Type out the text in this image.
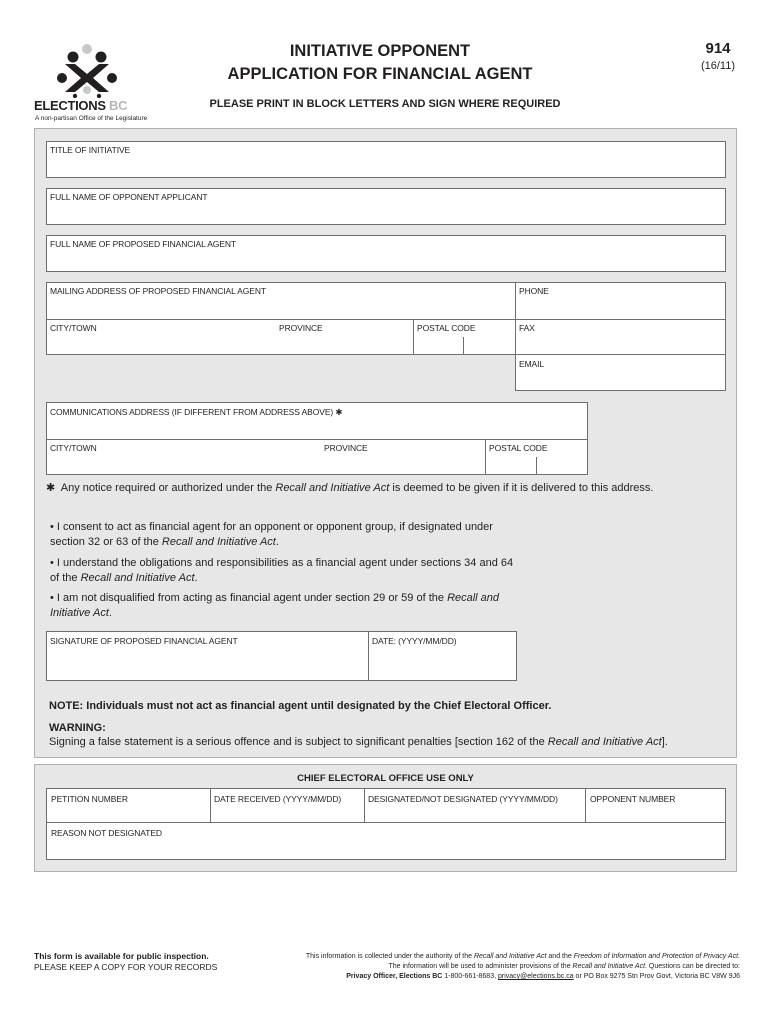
ELECTIONS BC
A non-partisan Office of the Legislature
INITIATIVE OPPONENT
APPLICATION FOR FINANCIAL AGENT
PLEASE PRINT IN BLOCK LETTERS AND SIGN WHERE REQUIRED
914
(16/11)
TITLE OF INITIATIVE
FULL NAME OF OPPONENT APPLICANT
FULL NAME OF PROPOSED FINANCIAL AGENT
MAILING ADDRESS OF PROPOSED FINANCIAL AGENT
CITY/TOWN	PROVINCE	POSTAL CODE
PHONE
FAX
EMAIL
COMMUNICATIONS ADDRESS (IF DIFFERENT FROM ADDRESS ABOVE) ✱
CITY/TOWN	PROVINCE	POSTAL CODE
✱ Any notice required or authorized under the Recall and Initiative Act is deemed to be given if it is delivered to this address.
• I consent to act as financial agent for an opponent or opponent group, if designated under section 32 or 63 of the Recall and Initiative Act.
• I understand the obligations and responsibilities as a financial agent under sections 34 and 64 of the Recall and Initiative Act.
• I am not disqualified from acting as financial agent under section 29 or 59 of the Recall and Initiative Act.
SIGNATURE OF PROPOSED FINANCIAL AGENT	DATE: (YYYY/MM/DD)
NOTE: Individuals must not act as financial agent until designated by the Chief Electoral Officer.
WARNING:
Signing a false statement is a serious offence and is subject to significant penalties [section 162 of the Recall and Initiative Act].
CHIEF ELECTORAL OFFICE USE ONLY
PETITION NUMBER	DATE RECEIVED (YYYY/MM/DD)	DESIGNATED/NOT DESIGNATED (YYYY/MM/DD)	OPPONENT NUMBER
REASON NOT DESIGNATED
This form is available for public inspection.
PLEASE KEEP A COPY FOR YOUR RECORDS
This information is collected under the authority of the Recall and Initiative Act and the Freedom of Information and Protection of Privacy Act. The information will be used to administer provisions of the Recall and Initiative Act. Questions can be directed to:
Privacy Officer, Elections BC 1-800-661-8683, privacy@elections.bc.ca or PO Box 9275 Stn Prov Govt, Victoria BC V8W 9J6
